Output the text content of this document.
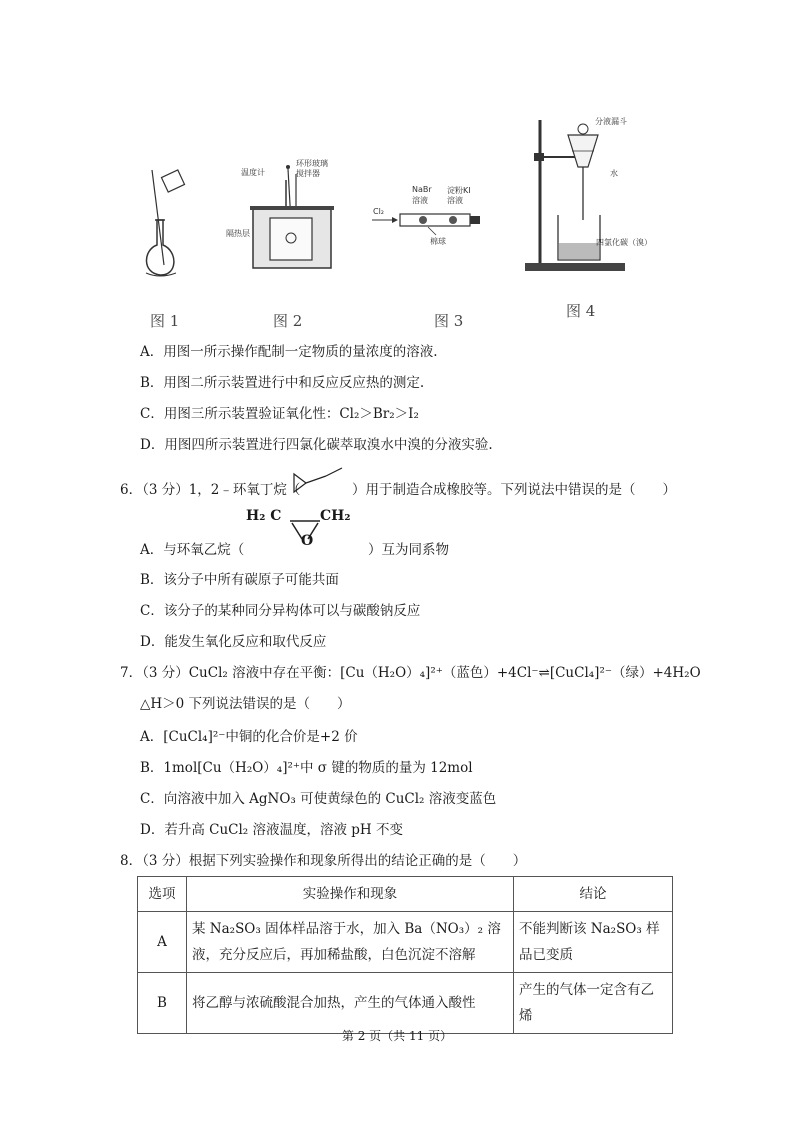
图 1
温度计
环形玻璃
搅拌器
隔热层
图 2
NaBr
溶液
淀粉KI
溶液
Cl₂
棉球
图 3
分液漏斗
水
四氯化碳（溴）
图 4
A．用图一所示操作配制一定物质的量浓度的溶液.
B．用图二所示装置进行中和反应反应热的测定.
C．用图三所示装置验证氧化性：Cl₂＞Br₂＞I₂
D．用图四所示装置进行四氯化碳萃取溴水中溴的分液实验.
6．（3 分）1，2﹣环氧丁烷（	）用于制造合成橡胶等。下列说法中错误的是（　　）
H₂ C	CH₂
O
A．与环氧乙烷（	）互为同系物
B．该分子中所有碳原子可能共面
C．该分子的某种同分异构体可以与碳酸钠反应
D．能发生氧化反应和取代反应
7．（3 分）CuCl₂ 溶液中存在平衡：[Cu（H₂O）₄]²⁺（蓝色）+4Cl⁻⇌[CuCl₄]²⁻（绿）+4H₂O
△H＞0 下列说法错误的是（　　）
A．[CuCl₄]²⁻中铜的化合价是+2 价
B．1mol[Cu（H₂O）₄]²⁺中 σ 键的物质的量为 12mol
C．向溶液中加入 AgNO₃ 可使黄绿色的 CuCl₂ 溶液变蓝色
D．若升高 CuCl₂ 溶液温度，溶液 pH 不变
8．（3 分）根据下列实验操作和现象所得出的结论正确的是（　　）
选项	实验操作和现象	结论
A	某 Na₂SO₃ 固体样品溶于水，加入 Ba（NO₃）₂ 溶液，充分反应后，再加稀盐酸，白色沉淀不溶解	不能判断该 Na₂SO₃ 样品已变质
B	将乙醇与浓硫酸混合加热，产生的气体通入酸性	产生的气体一定含有乙烯
第 2 页（共 11 页）
